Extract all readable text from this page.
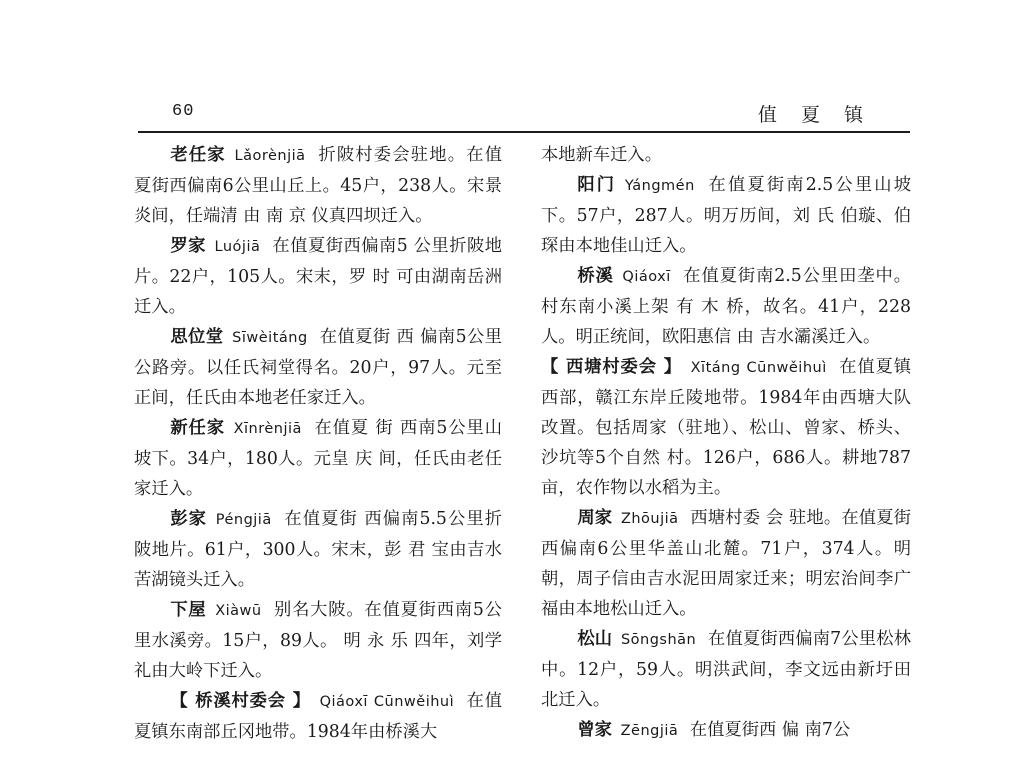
60	值 夏 镇

老任家 Lǎorènjiā 折陂村委会驻地。在值夏街西偏南6公里山丘上。45户，238人。宋景炎间，任端清 由 南 京 仪真四坝迁入。

罗家 Luójiā 在值夏街西偏南5 公里折陂地片。22户，105人。宋末，罗 时 可由湖南岳洲迁入。

思位堂 Sīwèitáng 在值夏街 西 偏南5公里公路旁。以任氏祠堂得名。20户，97人。元至正间，任氏由本地老任家迁入。

新任家 Xīnrènjiā 在值夏 街 西南5公里山坡下。34户，180人。元皇 庆 间，任氏由老任家迁入。

彭家 Péngjiā 在值夏街 西偏南5.5公里折陂地片。61户，300人。宋末，彭 君 宝由吉水苦湖镜头迁入。

下屋 Xiàwū 别名大陂。在值夏街西南5公里水溪旁。15户，89人。 明 永 乐 四年，刘学礼由大岭下迁入。

【 桥溪村委会 】 Qiáoxī Cūnwěihuì 在值夏镇东南部丘冈地带。1984年由桥溪大

本地新车迁入。

阳门 Yángmén 在值夏街南2.5公里山坡下。57户，287人。明万历间，刘 氏 伯璇、伯琛由本地佳山迁入。

桥溪 Qiáoxī 在值夏街南2.5公里田垄中。村东南小溪上架 有 木 桥，故名。41户，228人。明正统间，欧阳惠信 由 吉水灞溪迁入。

【 西塘村委会 】 Xītáng Cūnwěihuì 在值夏镇西部，赣江东岸丘陵地带。1984年由西塘大队改置。包括周家（驻地）、松山、曾家、桥头、沙坑等5个自然 村。126户，686人。耕地787亩，农作物以水稻为主。

周家 Zhōujiā 西塘村委 会 驻地。在值夏街西偏南6公里华盖山北麓。71户，374人。明朝，周子信由吉水泥田周家迁来；明宏治间李广福由本地松山迁入。

松山 Sōngshān 在值夏街西偏南7公里松林中。12户，59人。明洪武间，李文远由新圩田北迁入。

曾家 Zēngjiā 在值夏街西 偏 南7公
